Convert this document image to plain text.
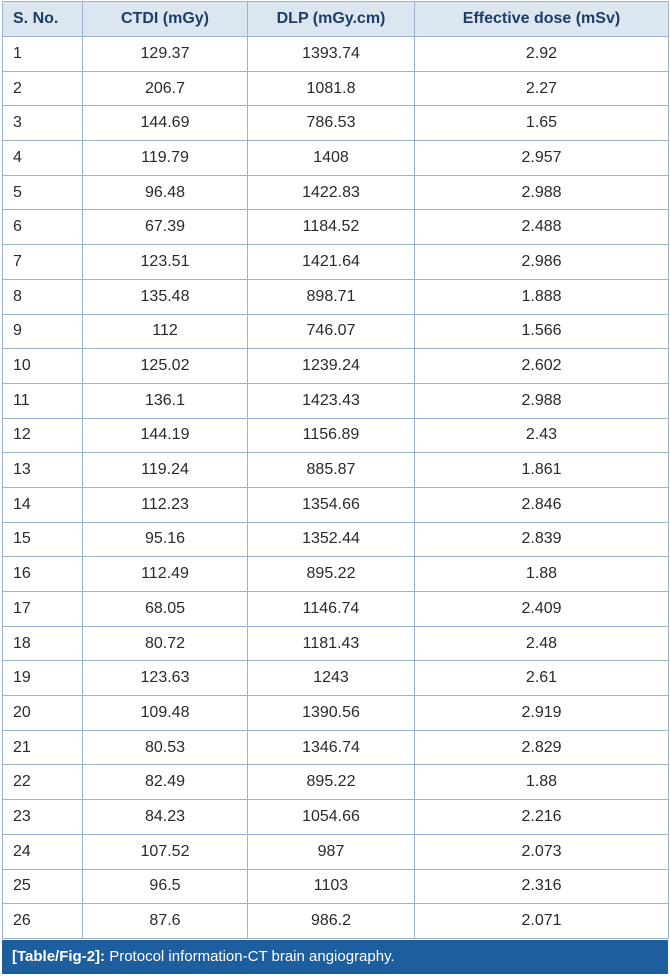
S. No.	CTDI (mGy)	DLP (mGy.cm)	Effective dose (mSv)
1	129.37	1393.74	2.92
2	206.7	1081.8	2.27
3	144.69	786.53	1.65
4	119.79	1408	2.957
5	96.48	1422.83	2.988
6	67.39	1184.52	2.488
7	123.51	1421.64	2.986
8	135.48	898.71	1.888
9	112	746.07	1.566
10	125.02	1239.24	2.602
11	136.1	1423.43	2.988
12	144.19	1156.89	2.43
13	119.24	885.87	1.861
14	112.23	1354.66	2.846
15	95.16	1352.44	2.839
16	112.49	895.22	1.88
17	68.05	1146.74	2.409
18	80.72	1181.43	2.48
19	123.63	1243	2.61
20	109.48	1390.56	2.919
21	80.53	1346.74	2.829
22	82.49	895.22	1.88
23	84.23	1054.66	2.216
24	107.52	987	2.073
25	96.5	1103	2.316
26	87.6	986.2	2.071
[Table/Fig-2]: Protocol information-CT brain angiography.
